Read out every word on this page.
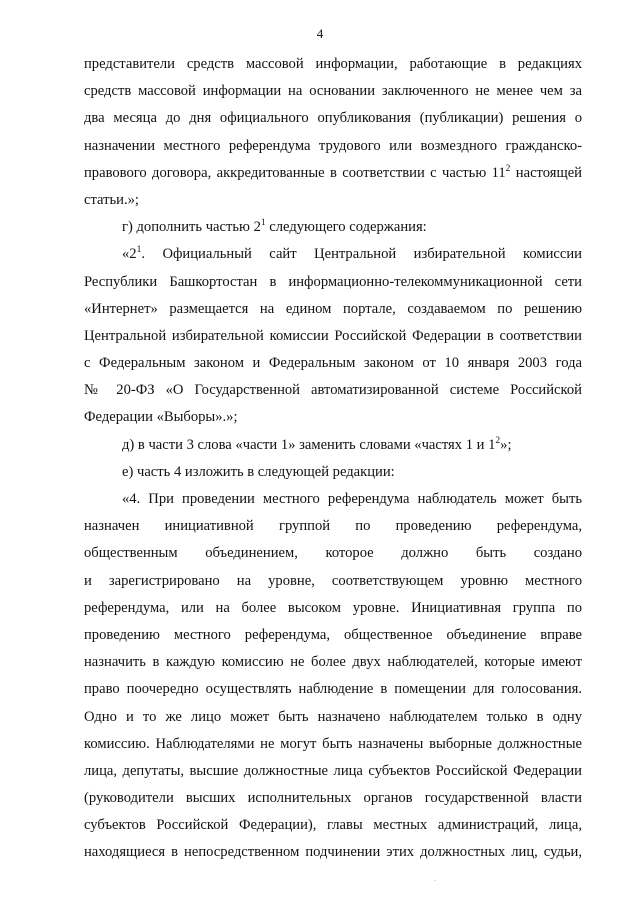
4
представители средств массовой информации, работающие в редакциях
средств массовой информации на основании заключенного не менее чем за
два месяца до дня официального опубликования (публикации) решения о
назначении местного референдума трудового или возмездного гражданско-
правового договора, аккредитованные в соответствии с частью $11^2$ настоящей
статьи.»;
г) дополнить частью $2^1$ следующего содержания:
«$2^1$. Официальный сайт Центральной избирательной комиссии
Республики Башкортостан в информационно-телекоммуникационной сети
«Интернет» размещается на едином портале, создаваемом по решению
Центральной избирательной комиссии Российской Федерации в соответствии
с Федеральным законом и Федеральным законом от 10 января 2003 года
№ 20-ФЗ «О Государственной автоматизированной системе Российской
Федерации «Выборы».»;
д) в части 3 слова «части 1» заменить словами «частях 1 и $1^2$»;
е) часть 4 изложить в следующей редакции:
«4. При проведении местного референдума наблюдатель может быть
назначен инициативной группой по проведению референдума,
общественным объединением, которое должно быть создано
и зарегистрировано на уровне, соответствующем уровню местного
референдума, или на более высоком уровне. Инициативная группа по
проведению местного референдума, общественное объединение вправе
назначить в каждую комиссию не более двух наблюдателей, которые имеют
право поочередно осуществлять наблюдение в помещении для голосования.
Одно и то же лицо может быть назначено наблюдателем только в одну
комиссию. Наблюдателями не могут быть назначены выборные должностные
лица, депутаты, высшие должностные лица субъектов Российской Федерации
(руководители высших исполнительных органов государственной власти
субъектов Российской Федерации), главы местных администраций, лица,
находящиеся в непосредственном подчинении этих должностных лиц, судьи,
.
